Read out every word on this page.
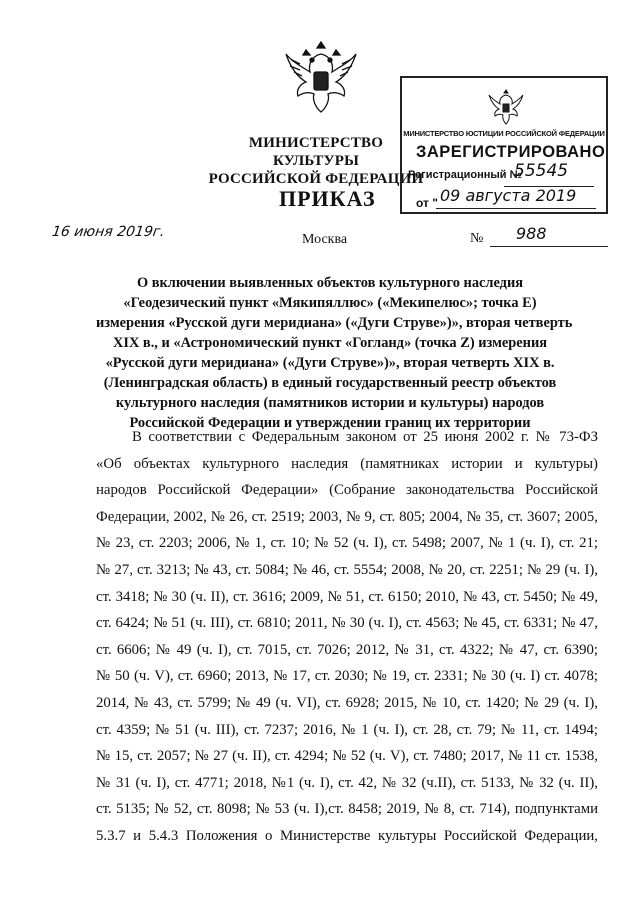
МИНИСТЕРСТВО КУЛЬТУРЫ
РОССИЙСКОЙ ФЕДЕРАЦИИ
ПРИКАЗ
16 июня 2019г.	Москва	№ 988
МИНИСТЕРСТВО ЮСТИЦИИ РОССИЙСКОЙ ФЕДЕРАЦИИ
ЗАРЕГИСТРИРОВАНО
Регистрационный №
55545
от " 09 августа 2019
О включении выявленных объектов культурного наследия
«Геодезический пункт «Мякипяллюс» («Мекипелюс»; точка Е)
измерения «Русской дуги меридиана» («Дуги Струве»)», вторая четверть
XIX в., и «Астрономический пункт «Гогланд» (точка Z) измерения
«Русской дуги меридиана» («Дуги Струве»)», вторая четверть XIX в.
(Ленинградская область) в единый государственный реестр объектов
культурного наследия (памятников истории и культуры) народов
Российской Федерации и утверждении границ их территории
В соответствии с Федеральным законом от 25 июня 2002 г. № 73-ФЗ
«Об объектах культурного наследия (памятниках истории и культуры)
народов Российской Федерации» (Собрание законодательства Российской
Федерации, 2002, № 26, ст. 2519; 2003, № 9, ст. 805; 2004, № 35, ст. 3607; 2005,
№ 23, ст. 2203; 2006, № 1, ст. 10; № 52 (ч. I), ст. 5498; 2007, № 1 (ч. I), ст. 21;
№ 27, ст. 3213; № 43, ст. 5084; № 46, ст. 5554; 2008, № 20, ст. 2251; № 29 (ч. I),
ст. 3418; № 30 (ч. II), ст. 3616; 2009, № 51, ст. 6150; 2010, № 43, ст. 5450; № 49,
ст. 6424; № 51 (ч. III), ст. 6810; 2011, № 30 (ч. I), ст. 4563; № 45, ст. 6331; № 47,
ст. 6606; № 49 (ч. I), ст. 7015, ст. 7026; 2012, № 31, ст. 4322; № 47, ст. 6390;
№ 50 (ч. V), ст. 6960; 2013, № 17, ст. 2030; № 19, ст. 2331; № 30 (ч. I) ст. 4078;
2014, № 43, ст. 5799; № 49 (ч. VI), ст. 6928; 2015, № 10, ст. 1420; № 29 (ч. I),
ст. 4359; № 51 (ч. III), ст. 7237; 2016, № 1 (ч. I), ст. 28, ст. 79; № 11, ст. 1494;
№ 15, ст. 2057; № 27 (ч. II), ст. 4294; № 52 (ч. V), ст. 7480; 2017, № 11 ст. 1538,
№ 31 (ч. I), ст. 4771; 2018, №1 (ч. I), ст. 42, № 32 (ч.II), ст. 5133, № 32 (ч. II),
ст. 5135; № 52, ст. 8098; № 53 (ч. I),ст. 8458; 2019, № 8, ст. 714), подпунктами
5.3.7 и 5.4.3 Положения о Министерстве культуры Российской Федерации,
